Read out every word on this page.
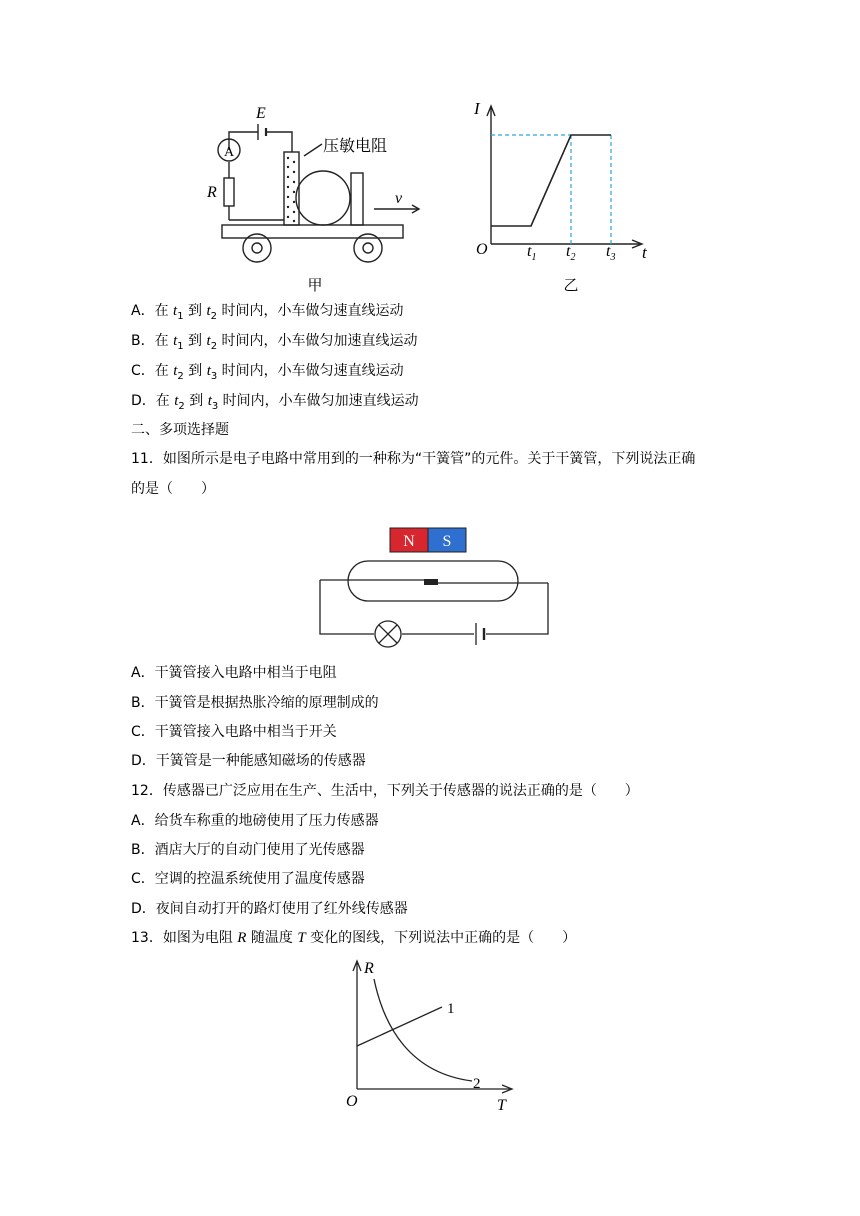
E
A
R
压敏电阻
v
甲
I
t
O $t_1$ $t_2$ $t_3$
乙
A．在 $t_1$ 到 $t_2$ 时间内，小车做匀速直线运动
B．在 $t_1$ 到 $t_2$ 时间内，小车做匀加速直线运动
C．在 $t_2$ 到 $t_3$ 时间内，小车做匀速直线运动
D．在 $t_2$ 到 $t_3$ 时间内，小车做匀加速直线运动
二、多项选择题
11．如图所示是电子电路中常用到的一种称为“干簧管”的元件。关于干簧管，下列说法正确
的是（　　）
N S
A．干簧管接入电路中相当于电阻
B．干簧管是根据热胀冷缩的原理制成的
C．干簧管接入电路中相当于开关
D．干簧管是一种能感知磁场的传感器
12．传感器已广泛应用在生产、生活中，下列关于传感器的说法正确的是（　　）
A．给货车称重的地磅使用了压力传感器
B．酒店大厅的自动门使用了光传感器
C．空调的控温系统使用了温度传感器
D．夜间自动打开的路灯使用了红外线传感器
13．如图为电阻 R 随温度 T 变化的图线，下列说法中正确的是（　　）
R
T
O
1
2
